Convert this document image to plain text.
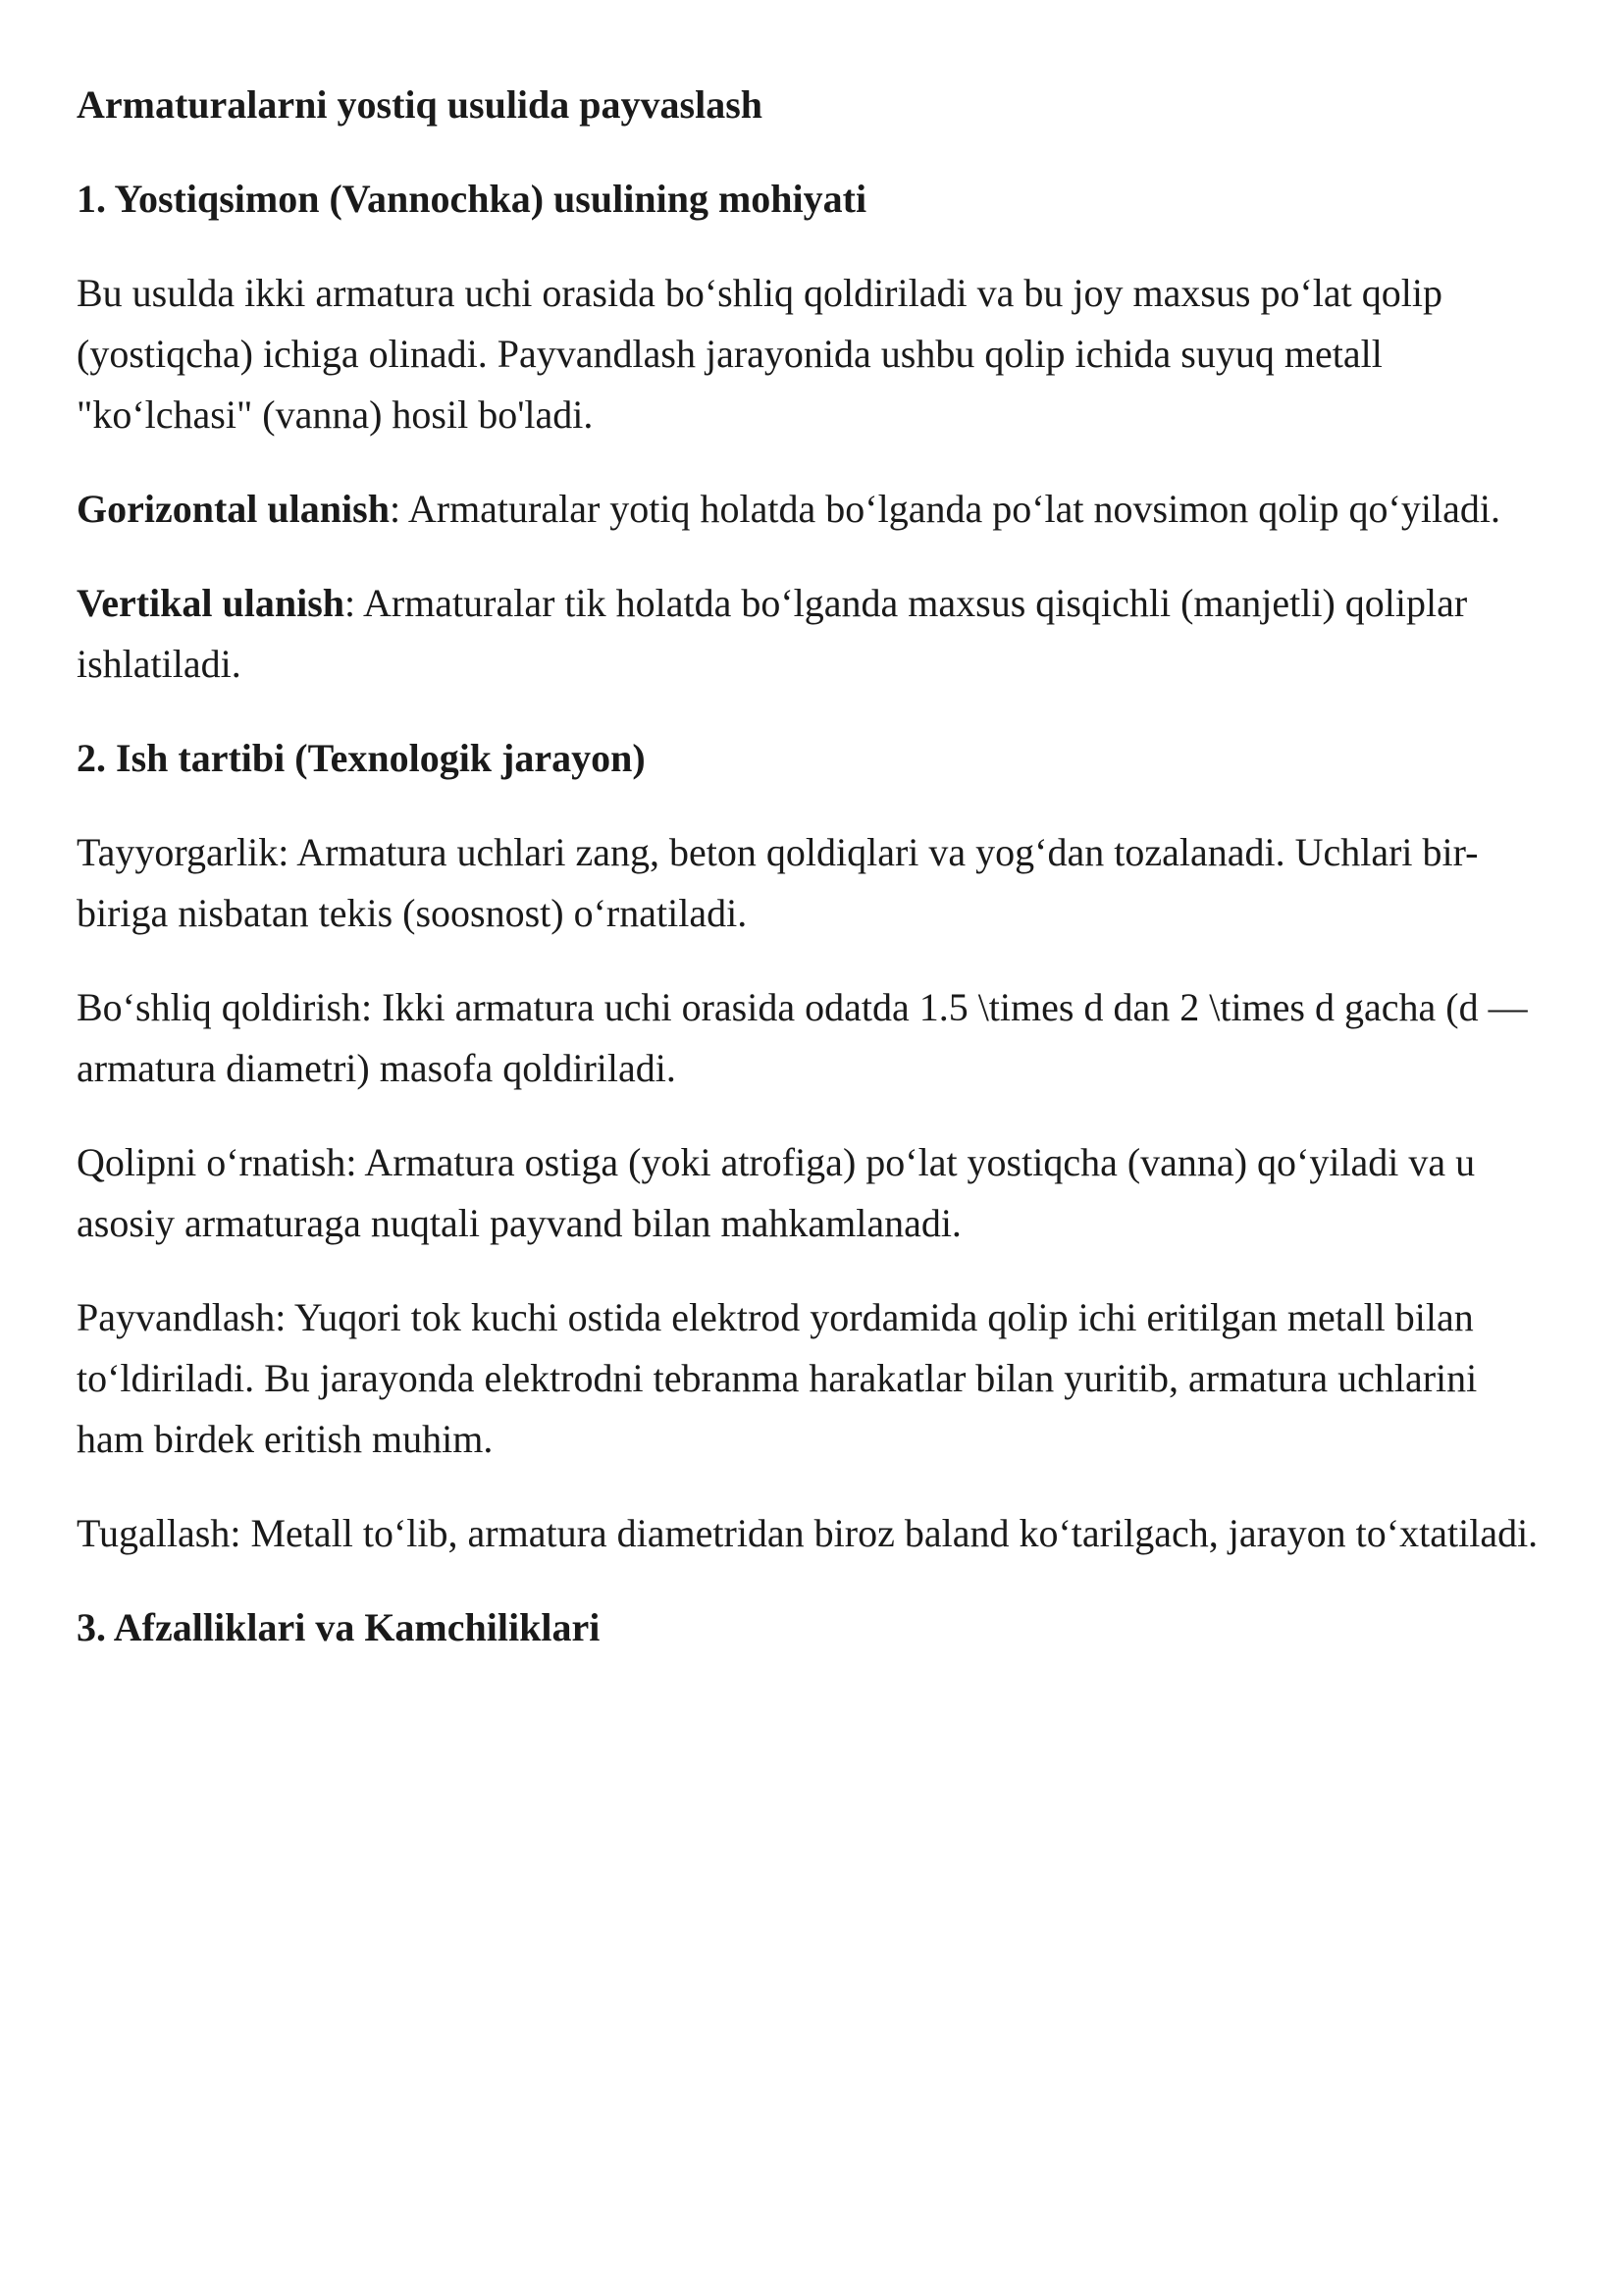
Armaturalarni yostiq usulida payvaslash

1. Yostiqsimon (Vannochka) usulining mohiyati

Bu usulda ikki armatura uchi orasida bo‘shliq qoldiriladi va bu joy maxsus po‘lat qolip (yostiqcha) ichiga olinadi. Payvandlash jarayonida ushbu qolip ichida suyuq metall "ko‘lchasi" (vanna) hosil bo'ladi.

Gorizontal ulanish: Armaturalar yotiq holatda bo‘lganda po‘lat novsimon qolip qo‘yiladi.

Vertikal ulanish: Armaturalar tik holatda bo‘lganda maxsus qisqichli (manjetli) qoliplar ishlatiladi.

2. Ish tartibi (Texnologik jarayon)

Tayyorgarlik: Armatura uchlari zang, beton qoldiqlari va yog‘dan tozalanadi. Uchlari bir-biriga nisbatan tekis (soosnost) o‘rnatiladi.

Bo‘shliq qoldirish: Ikki armatura uchi orasida odatda 1.5 \times d dan 2 \times d gacha (d — armatura diametri) masofa qoldiriladi.

Qolipni o‘rnatish: Armatura ostiga (yoki atrofiga) po‘lat yostiqcha (vanna) qo‘yiladi va u asosiy armaturaga nuqtali payvand bilan mahkamlanadi.

Payvandlash: Yuqori tok kuchi ostida elektrod yordamida qolip ichi eritilgan metall bilan to‘ldiriladi. Bu jarayonda elektrodni tebranma harakatlar bilan yuritib, armatura uchlarini ham birdek eritish muhim.

Tugallash: Metall to‘lib, armatura diametridan biroz baland ko‘tarilgach, jarayon to‘xtatiladi.

3. Afzalliklari va Kamchiliklari
